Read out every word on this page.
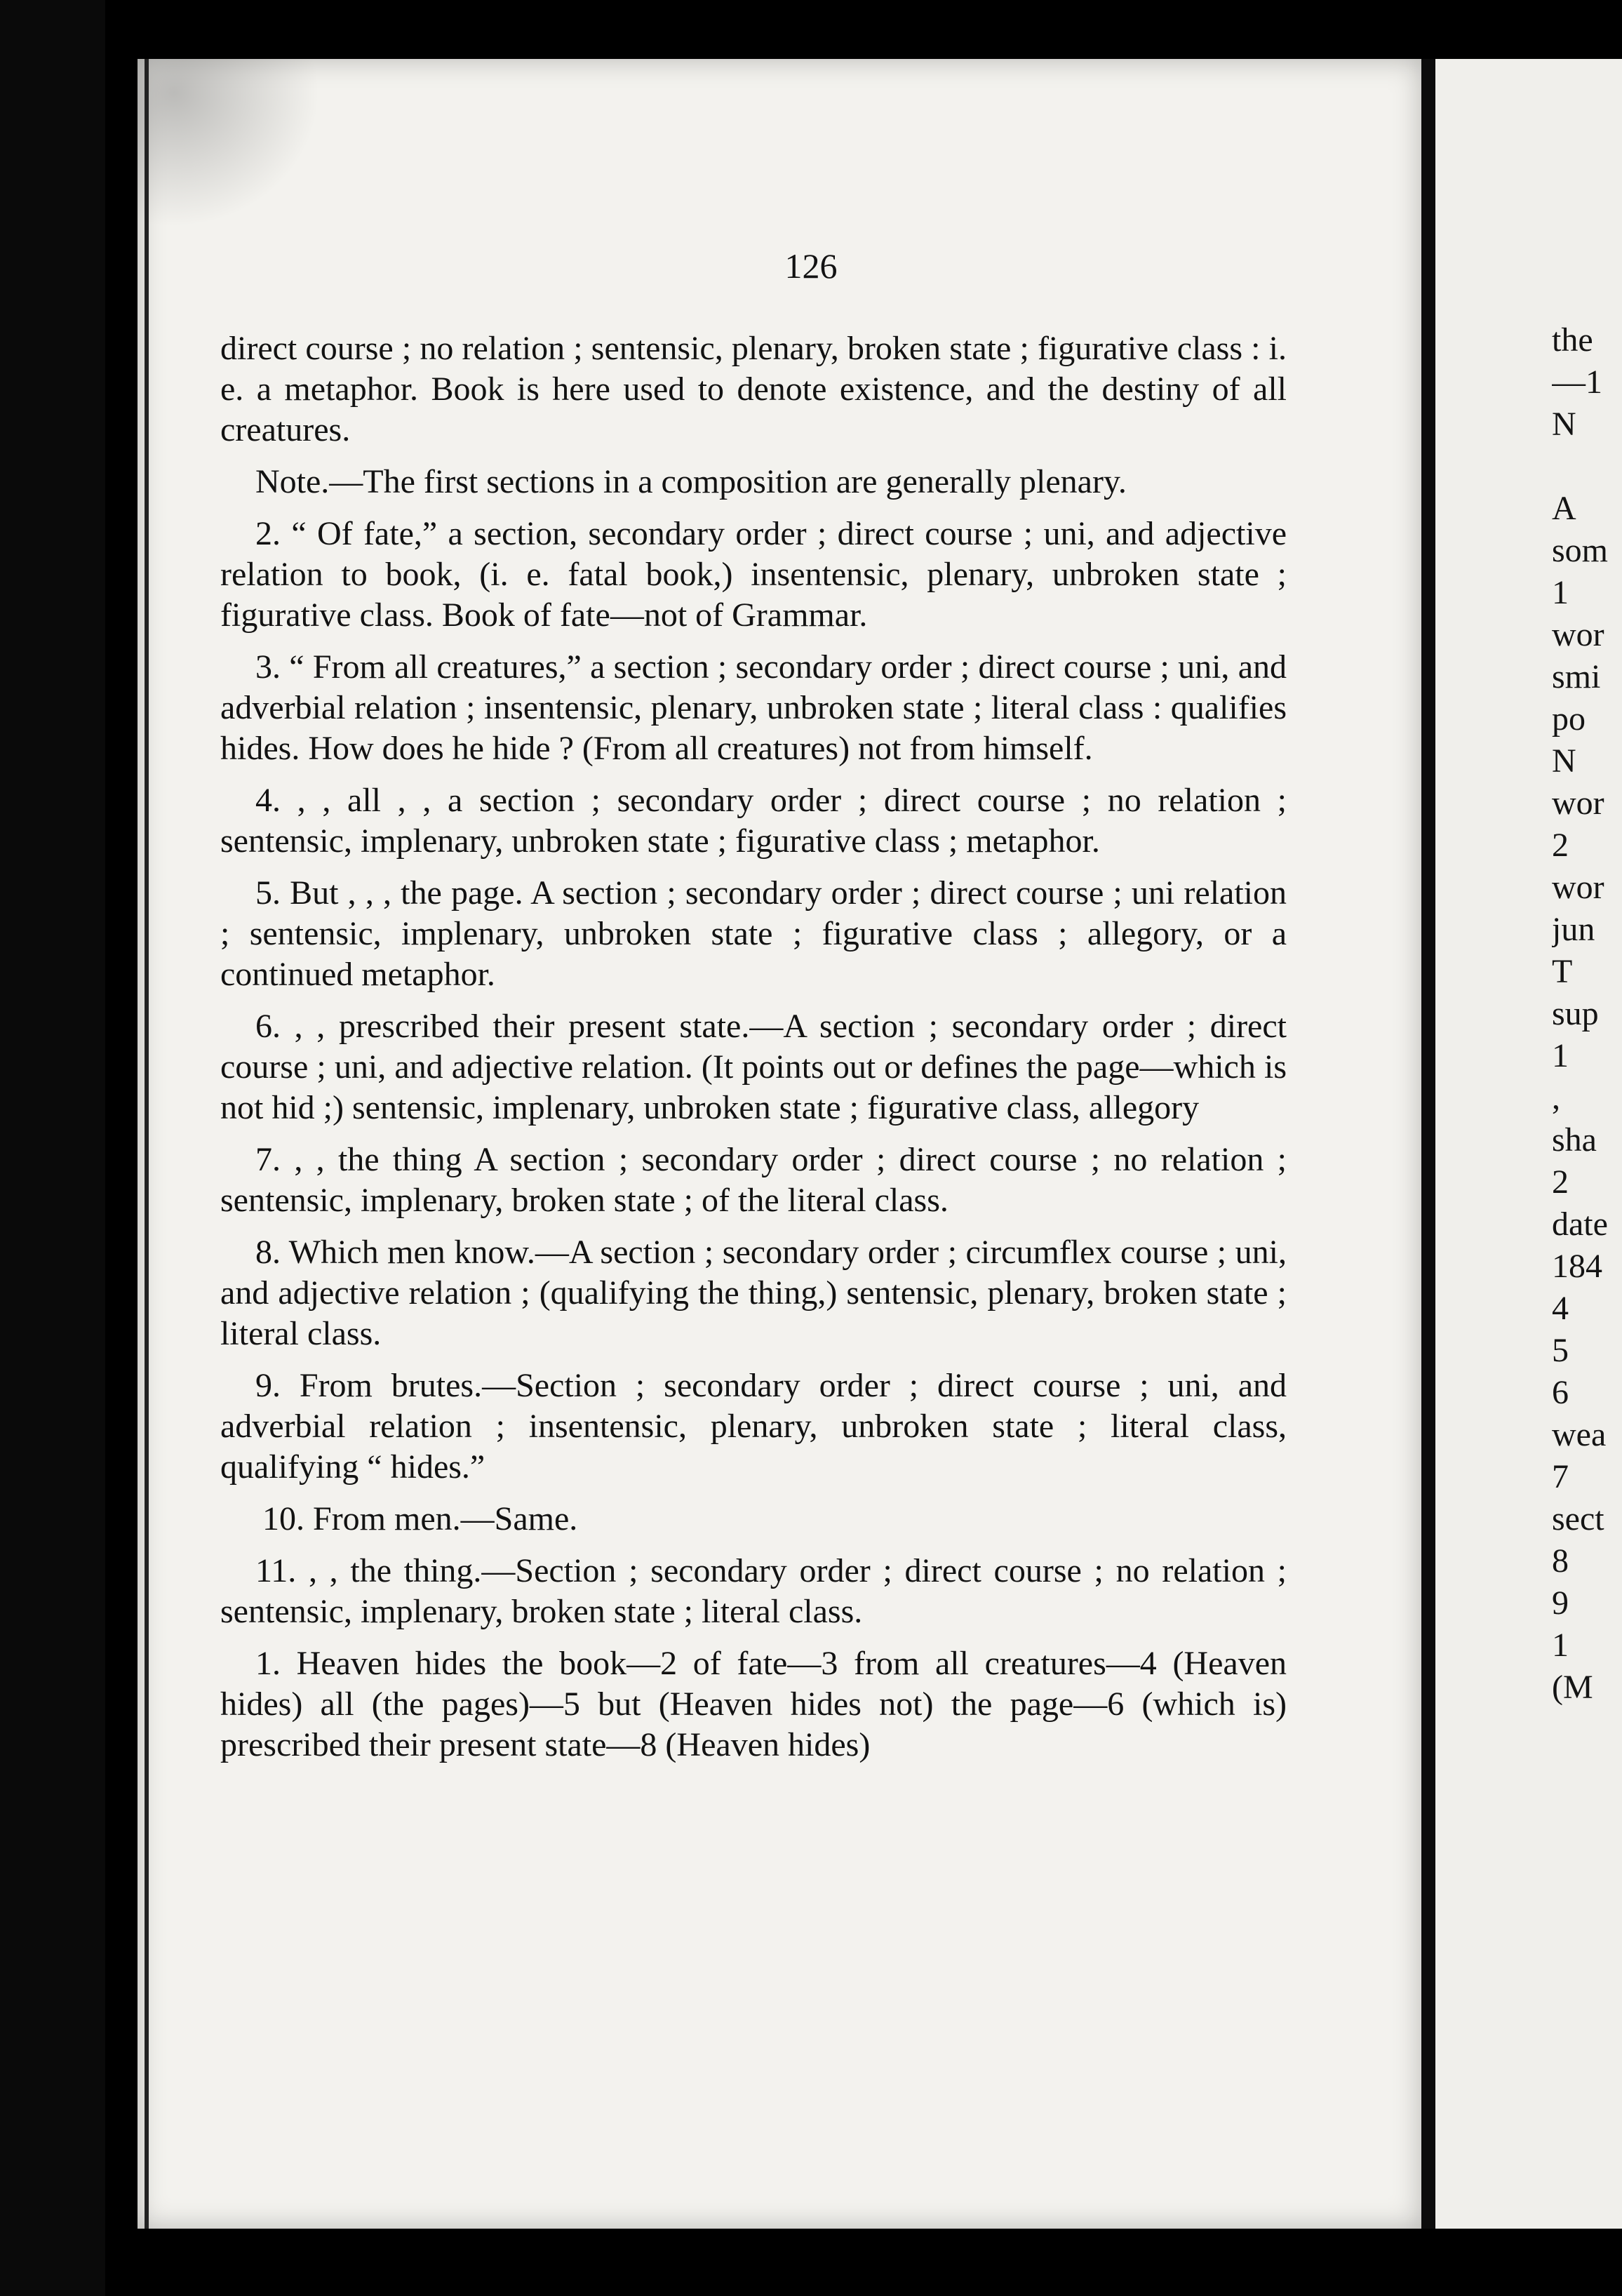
126

direct course ; no relation ; sentensic, plenary, broken state ; figurative class : i. e. a metaphor. Book is here used to denote existence, and the destiny of all creatures.

Note.—The first sections in a composition are generally plenary.

2. “ Of fate,” a section, secondary order ; direct course ; uni, and adjective relation to book, (i. e. fatal book,) insentensic, plenary, unbroken state ; figurative class. Book of fate—not of Grammar.

3. “ From all creatures,” a section ; secondary order ; direct course ; uni, and adverbial relation ; insentensic, plenary, unbroken state ; literal class : qualifies hides. How does he hide ? (From all creatures) not from himself.

4. , , all , , a section ; secondary order ; direct course ; no relation ; sentensic, implenary, unbroken state ; figurative class ; metaphor.

5. But , , , the page. A section ; secondary order ; direct course ; uni relation ; sentensic, implenary, unbroken state ; figurative class ; allegory, or a continued metaphor.

6. , , prescribed their present state.—A section ; secondary order ; direct course ; uni, and adjective relation. (It points out or defines the page—which is not hid ;) sentensic, implenary, unbroken state ; figurative class, allegory

7. , , the thing A section ; secondary order ; direct course ; no relation ; sentensic, implenary, broken state ; of the literal class.

8. Which men know.—A section ; secondary order ; circumflex course ; uni, and adjective relation ; (qualifying the thing,) sentensic, plenary, broken state ; literal class.

9. From brutes.—Section ; secondary order ; direct course ; uni, and adverbial relation ; insentensic, plenary, unbroken state ; literal class, qualifying “ hides.”

10. From men.—Same.

11. , , the thing.—Section ; secondary order ; direct course ; no relation ; sentensic, implenary, broken state ; literal class.

1. Heaven hides the book—2 of fate—3 from all creatures—4 (Heaven hides) all (the pages)—5 but (Heaven hides not) the page—6 (which is) prescribed their present state—8 (Heaven hides)

the
—1
N
A
som
1
wor
smi
po
N
wor
2
wor
jun
T
sup
1
,
sha
2
date
184
4
5
6
wea
7
sect
8
9
1
(M
